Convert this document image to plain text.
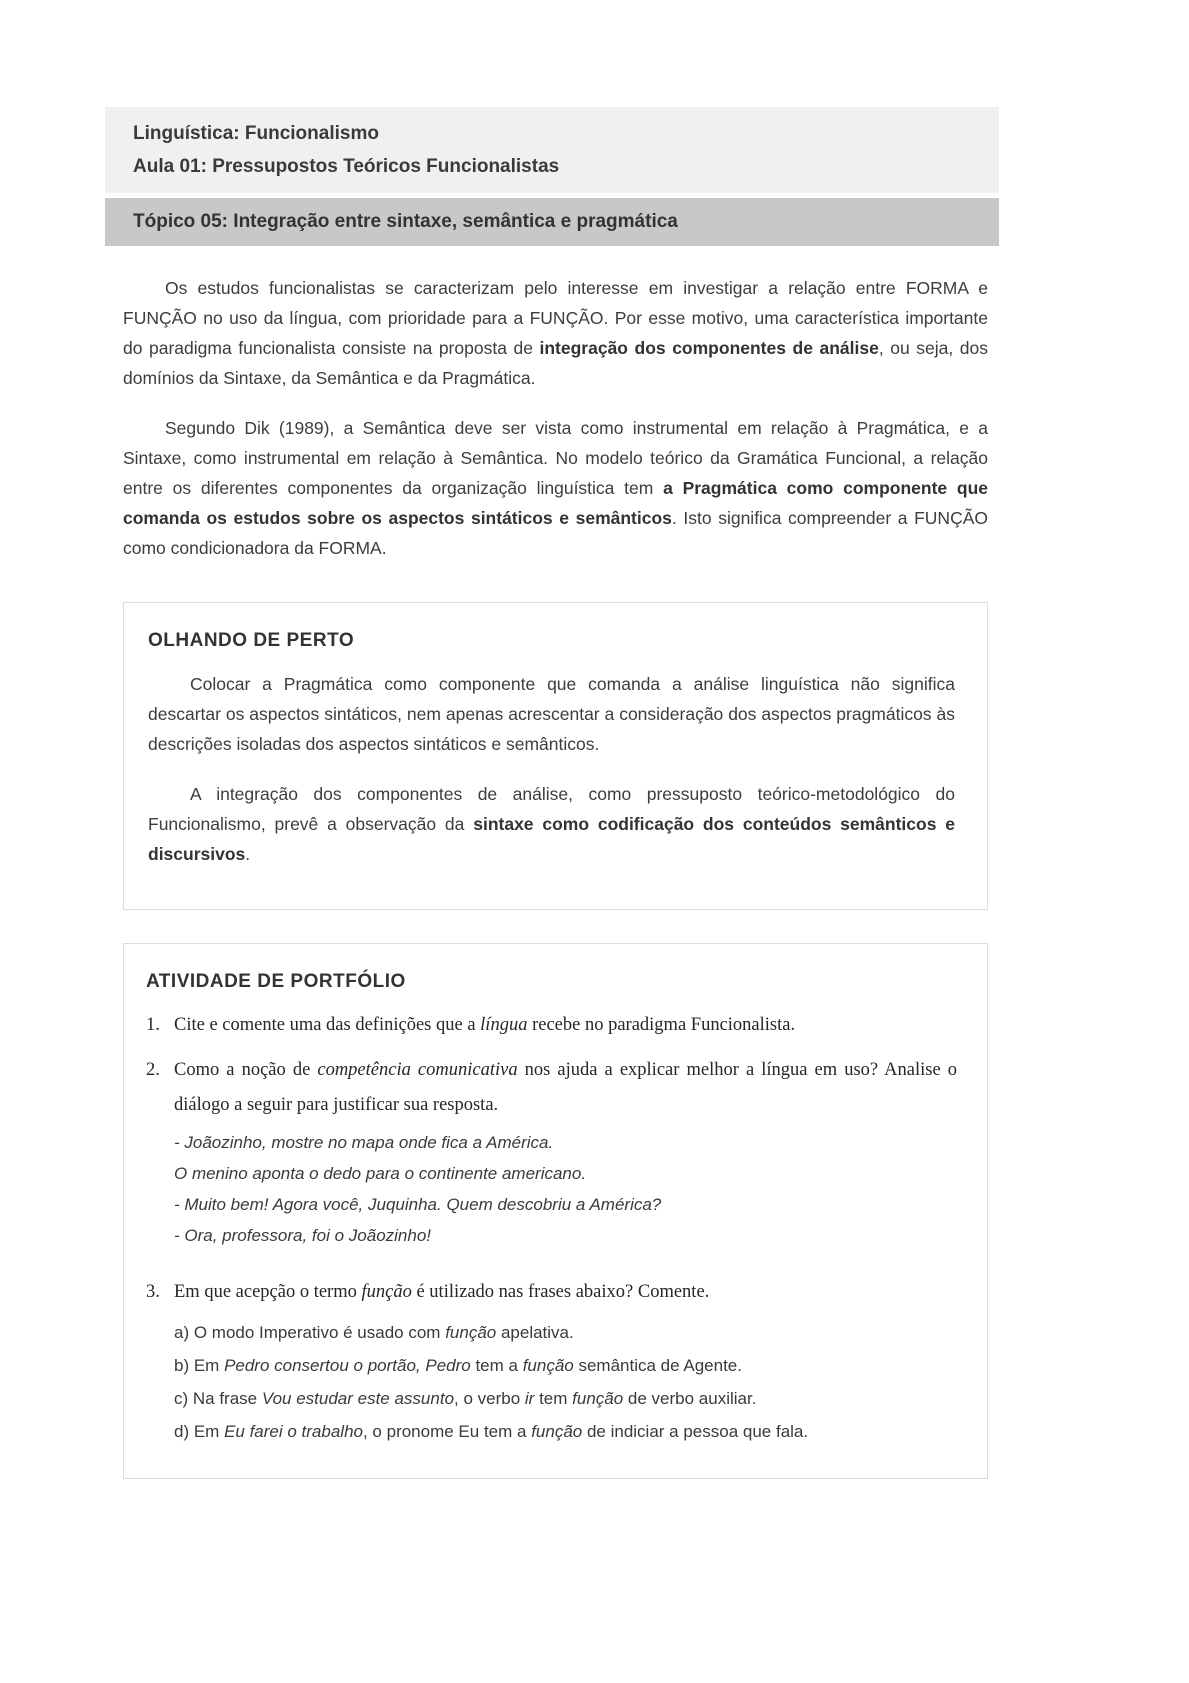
Linguística: Funcionalismo
Aula 01: Pressupostos Teóricos Funcionalistas
Tópico 05: Integração entre sintaxe, semântica e pragmática

Os estudos funcionalistas se caracterizam pelo interesse em investigar a relação entre FORMA e FUNÇÃO no uso da língua, com prioridade para a FUNÇÃO. Por esse motivo, uma característica importante do paradigma funcionalista consiste na proposta de integração dos componentes de análise, ou seja, dos domínios da Sintaxe, da Semântica e da Pragmática.

Segundo Dik (1989), a Semântica deve ser vista como instrumental em relação à Pragmática, e a Sintaxe, como instrumental em relação à Semântica. No modelo teórico da Gramática Funcional, a relação entre os diferentes componentes da organização linguística tem a Pragmática como componente que comanda os estudos sobre os aspectos sintáticos e semânticos. Isto significa compreender a FUNÇÃO como condicionadora da FORMA.

OLHANDO DE PERTO

Colocar a Pragmática como componente que comanda a análise linguística não significa descartar os aspectos sintáticos, nem apenas acrescentar a consideração dos aspectos pragmáticos às descrições isoladas dos aspectos sintáticos e semânticos.

A integração dos componentes de análise, como pressuposto teórico-metodológico do Funcionalismo, prevê a observação da sintaxe como codificação dos conteúdos semânticos e discursivos.

ATIVIDADE DE PORTFÓLIO
1. Cite e comente uma das definições que a língua recebe no paradigma Funcionalista.

2. Como a noção de competência comunicativa nos ajuda a explicar melhor a língua em uso? Analise o diálogo a seguir para justificar sua resposta.

- Joãozinho, mostre no mapa onde fica a América.

O menino aponta o dedo para o continente americano.

- Muito bem! Agora você, Juquinha. Quem descobriu a América?

- Ora, professora, foi o Joãozinho!

3. Em que acepção o termo função é utilizado nas frases abaixo? Comente.

a) O modo Imperativo é usado com função apelativa.

b) Em Pedro consertou o portão, Pedro tem a função semântica de Agente.

c) Na frase Vou estudar este assunto, o verbo ir tem função de verbo auxiliar.

d) Em Eu farei o trabalho, o pronome Eu tem a função de indiciar a pessoa que fala.
